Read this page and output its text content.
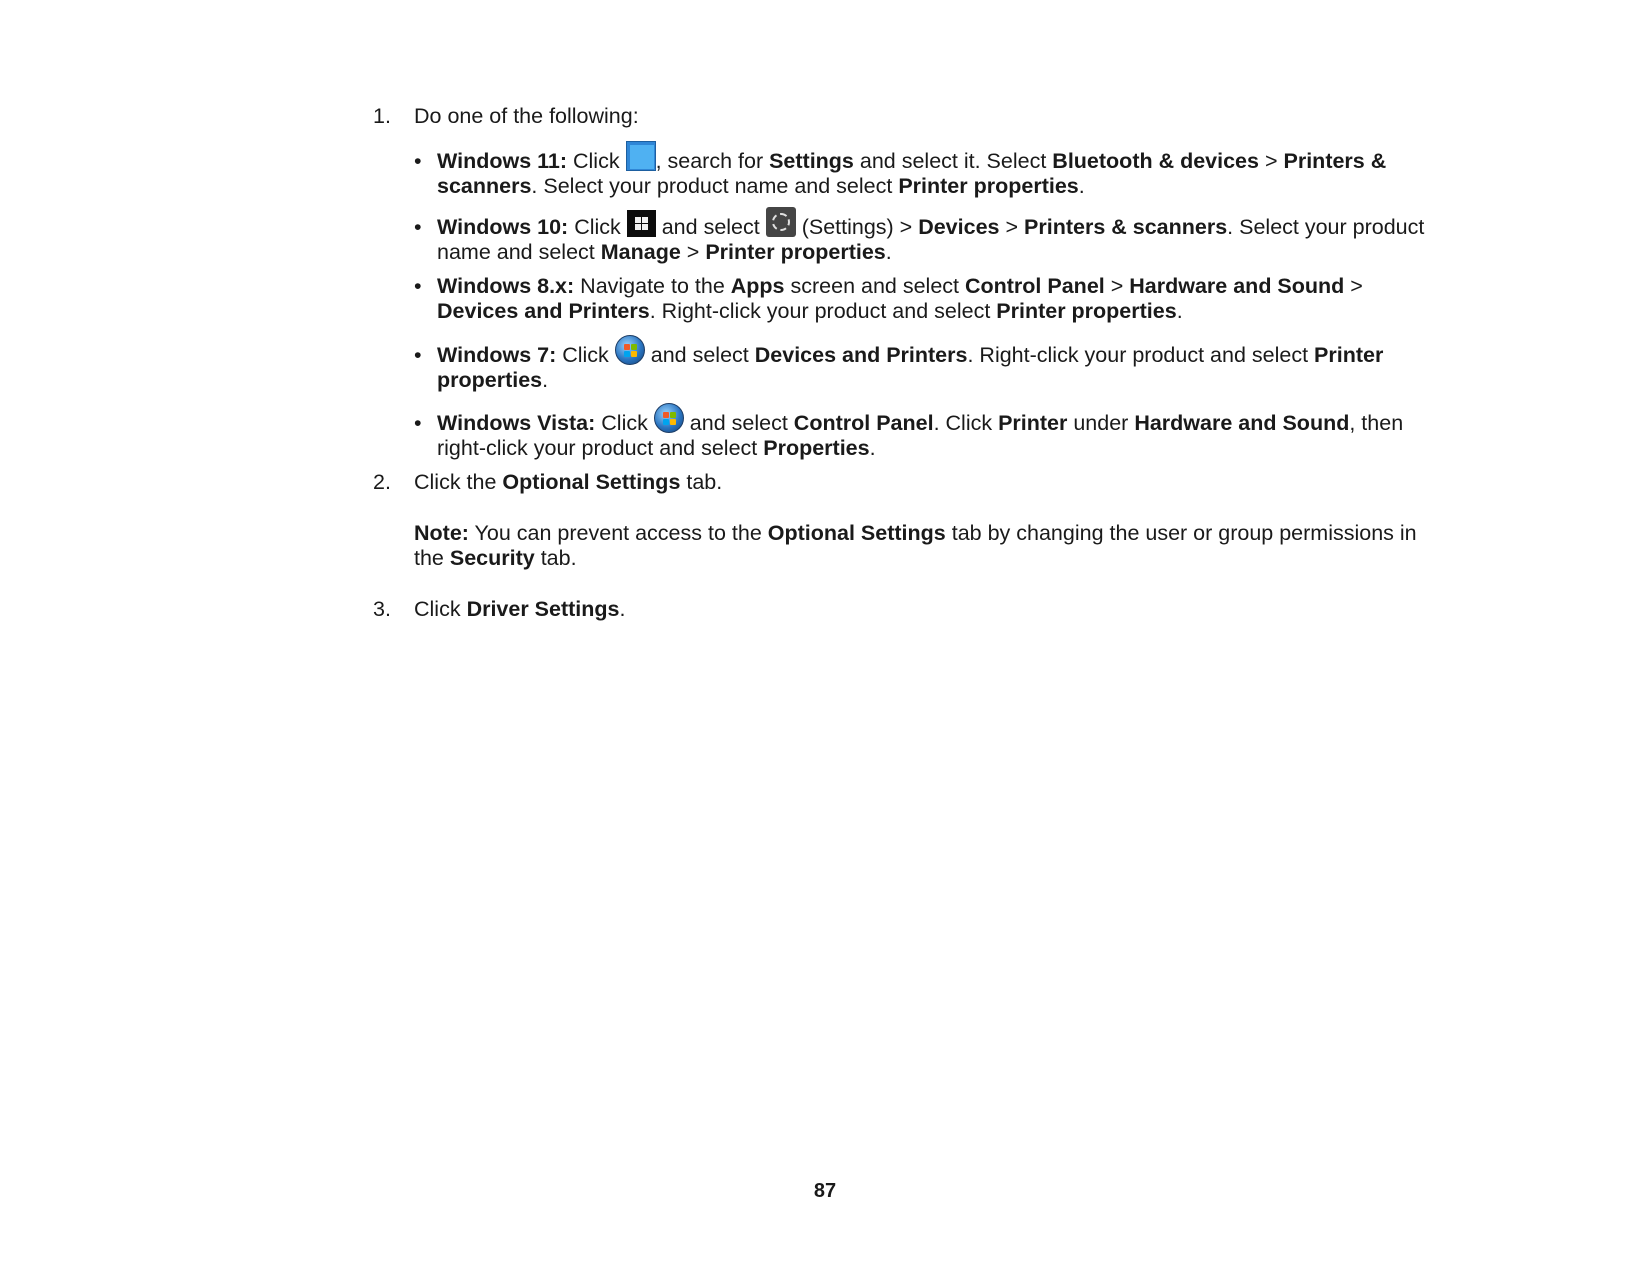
1.	Do one of the following:
• Windows 11: Click
, search for Settings and select it. Select Bluetooth & devices > Printers & scanners. Select your product name and select Printer properties.
• Windows 10: Click
and select  (Settings) > Devices > Printers & scanners. Select your product name and select Manage > Printer properties.
• Windows 8.x: Navigate to the Apps screen and select Control Panel > Hardware and Sound > Devices and Printers. Right-click your product and select Printer properties.
• Windows 7: Click
and select Devices and Printers. Right-click your product and select Printer properties.
• Windows Vista: Click
and select Control Panel. Click Printer under Hardware and Sound, then right-click your product and select Properties.
2.	Click the Optional Settings tab.
Note: You can prevent access to the Optional Settings tab by changing the user or group permissions in the Security tab.
3.	Click Driver Settings.
87
